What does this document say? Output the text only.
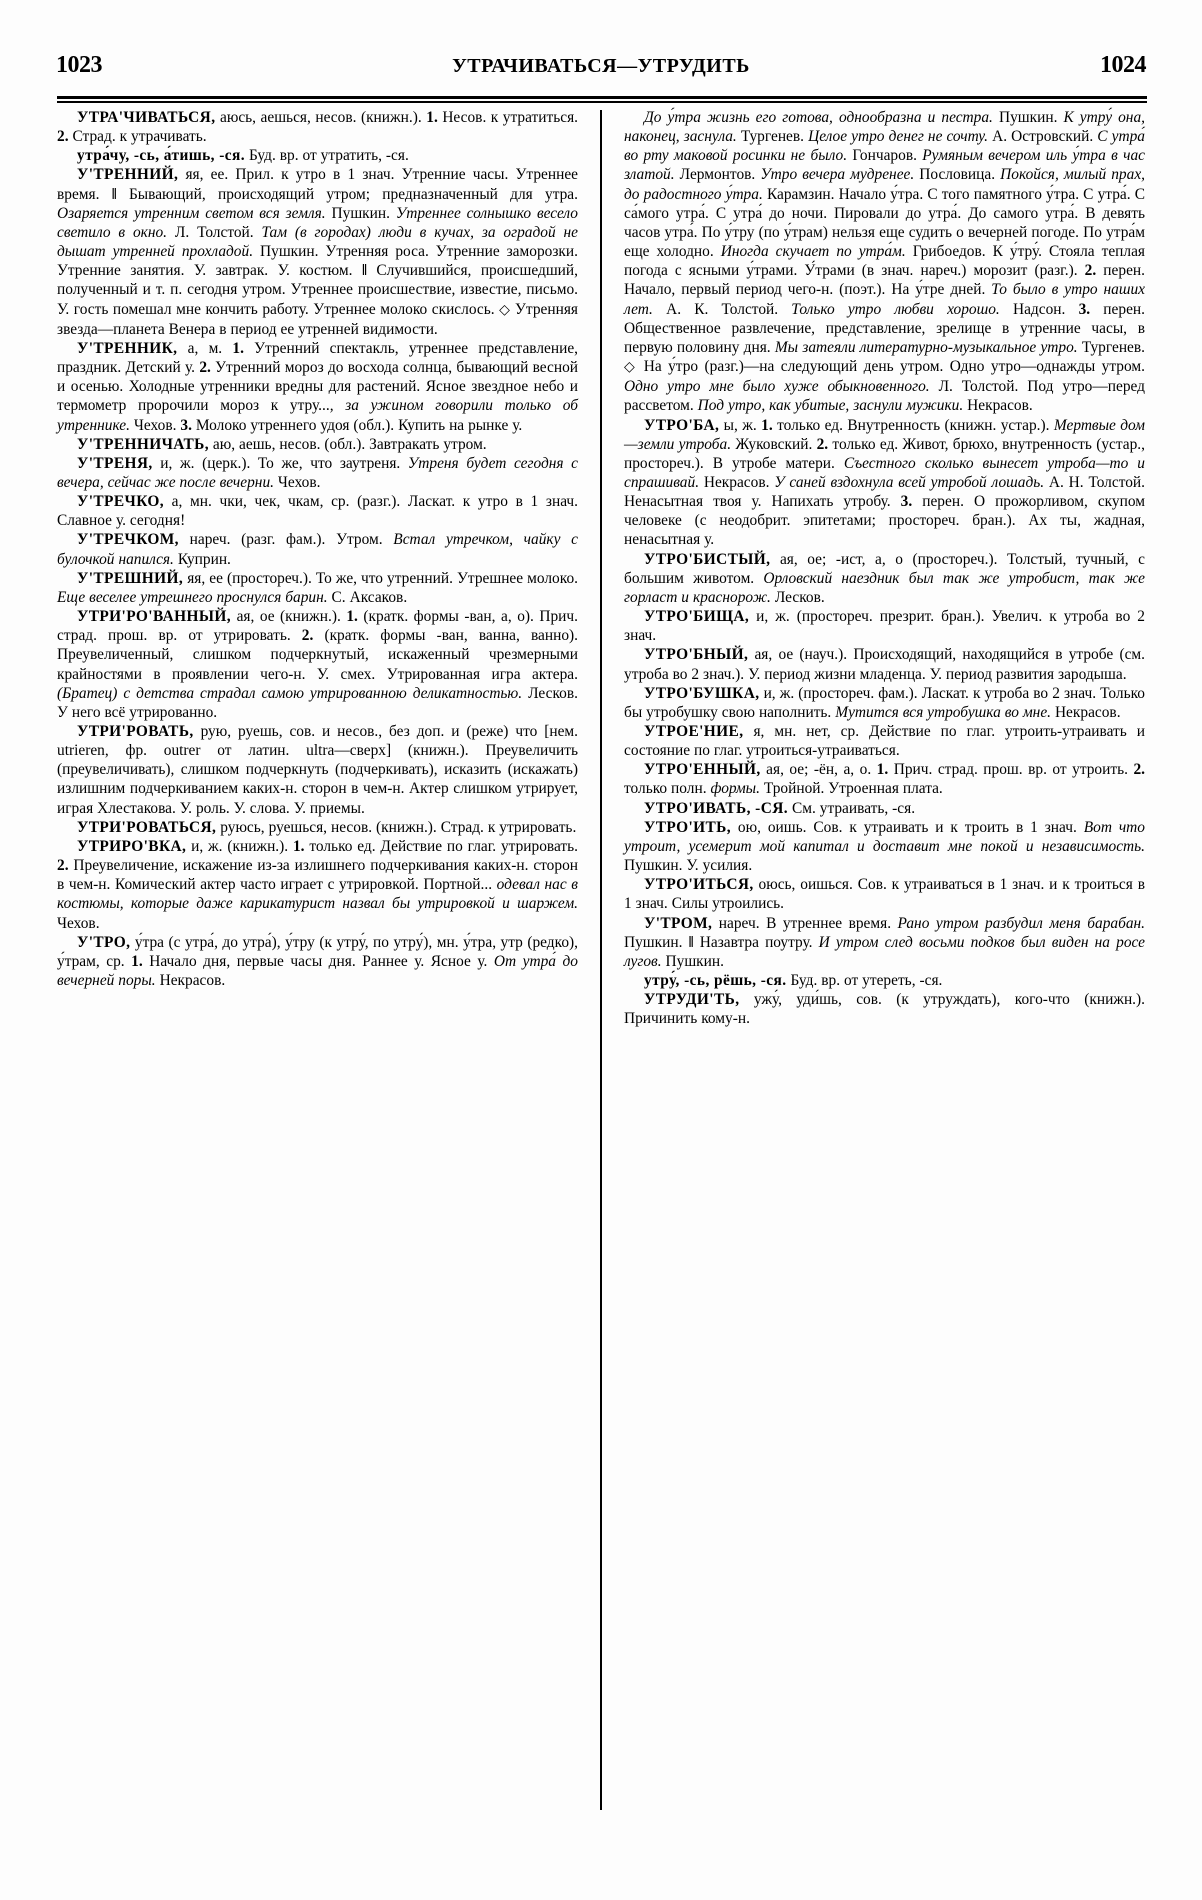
1023	УТРАЧИВАТЬСЯ—УТРУДИТЬ	1024

УТРА'ЧИВАТЬСЯ, аюсь, аешься, несов. (книжн.). 1. Несов. к утратиться. 2. Страд. к утрачивать.

утра́чу, -сь, а́тишь, -ся. Буд. вр. от утратить, -ся.

У'ТРЕННИЙ, яя, ее. Прил. к утро в 1 знач. Утренние часы. Утреннее время. ‖ Бывающий, происходящий утром; предназначенный для утра. Озаряется утренним светом вся земля. Пушкин. Утреннее солнышко весело светило в окно. Л. Толстой. Там (в городах) люди в кучах, за оградой не дышат утренней прохладой. Пушкин. Утренняя роса. Утренние заморозки. Утренние занятия. У. завтрак. У. костюм. ‖ Случившийся, происшедший, полученный и т. п. сегодня утром. Утреннее происшествие, известие, письмо. У. гость помешал мне кончить работу. Утреннее молоко скислось. ◇ Утренняя звезда—планета Венера в период ее утренней видимости.

У'ТРЕННИК, а, м. 1. Утренний спектакль, утреннее представление, праздник. Детский у. 2. Утренний мороз до восхода солнца, бывающий весной и осенью. Холодные утренники вредны для растений. Ясное звездное небо и термометр пророчили мороз к утру..., за ужином говорили только об утреннике. Чехов. 3. Молоко утреннего удоя (обл.). Купить на рынке у.

У'ТРЕННИЧАТЬ, аю, аешь, несов. (обл.). Завтракать утром.

У'ТРЕНЯ, и, ж. (церк.). То же, что заутреня. Утреня будет сегодня с вечера, сейчас же после вечерни. Чехов.

У'ТРЕЧКО, а, мн. чки, чек, чкам, ср. (разг.). Ласкат. к утро в 1 знач. Славное у. сегодня!

У'ТРЕЧКОМ, нареч. (разг. фам.). Утром. Встал утречком, чайку с булочкой напился. Куприн.

У'ТРЕШНИЙ, яя, ее (простореч.). То же, что утренний. Утрешнее молоко. Еще веселее утрешнего проснулся барин. С. Аксаков.

УТРИ'РО'ВАННЫЙ, ая, ое (книжн.). 1. (кратк. формы -ван, а, о). Прич. страд. прош. вр. от утрировать. 2. (кратк. формы -ван, ванна, ванно). Преувеличенный, слишком подчеркнутый, искаженный чрезмерными крайностями в проявлении чего-н. У. смех. Утрированная игра актера. (Братец) с детства страдал самою утрированною деликатностью. Лесков. У него всё утрированно.

УТРИ'РОВАТЬ, рую, руешь, сов. и несов., без доп. и (реже) что [нем. utrieren, фр. outrer от латин. ultra—сверх] (книжн.). Преувеличить (преувеличивать), слишком подчеркнуть (подчеркивать), исказить (искажать) излишним подчеркиванием каких-н. сторон в чем-н. Актер слишком утрирует, играя Хлестакова. У. роль. У. слова. У. приемы.

УТРИ'РОВАТЬСЯ, руюсь, руешься, несов. (книжн.). Страд. к утрировать.

УТРИРО'ВКА, и, ж. (книжн.). 1. только ед. Действие по глаг. утрировать. 2. Преувеличение, искажение из-за излишнего подчеркивания каких-н. сторон в чем-н. Комический актер часто играет с утрировкой. Портной... одевал нас в костюмы, которые даже карикатурист назвал бы утрировкой и шаржем. Чехов.

У'ТРО, у́тра (с утра́, до утра́), у́тру (к утру́, по утру́), мн. у́тра, утр (редко), у́трам, ср. 1. Начало дня, первые часы дня. Раннее у. Ясное у. От утра́ до вечерней поры. Некрасов.

До у́тра жизнь его готова, однообразна и пестра. Пушкин. К утру́ она, наконец, заснула. Тургенев. Целое утро денег не сочту. А. Островский. С утра́ во рту маковой росинки не было. Гончаров. Румяным вечером иль у́тра в час златой. Лермонтов. Утро вечера мудренее. Пословица. Покойся, милый прах, до радостного у́тра. Карамзин. Начало у́тра. С того памятного у́тра. С утра́. С са́мого утра́. С утра́ до ночи. Пировали до утра́. До самого утра́. В девять часов утра́. По у́тру (по у́трам) нельзя еще судить о вечерней погоде. По утра́м еще холодно. Иногда скучает по утра́м. Грибоедов. К у́тру́. Стояла теплая погода с ясными у́трами. У́трами (в знач. нареч.) морозит (разг.). 2. перен. Начало, первый период чего-н. (поэт.). На у́тре дней. То было в утро наших лет. А. К. Толстой. Только утро любви хорошо. Надсон. 3. перен. Общественное развлечение, представление, зрелище в утренние часы, в первую половину дня. Мы затеяли литературно-музыкальное утро. Тургенев. ◇ На у́тро (разг.)—на следующий день утром. Одно утро—однажды утром. Одно утро мне было хуже обыкновенного. Л. Толстой. Под утро—перед рассветом. Под утро, как убитые, заснули мужики. Некрасов.

УТРО'БА, ы, ж. 1. только ед. Внутренность (книжн. устар.). Мертвые дом—земли утроба. Жуковский. 2. только ед. Живот, брюхо, внутренность (устар., простореч.). В утробе матери. Съестного сколько вынесет утроба—то и спрашивай. Некрасов. У саней вздохнула всей утробой лошадь. А. Н. Толстой. Ненасытная твоя у. Напихать утробу. 3. перен. О прожорливом, скупом человеке (с неодобрит. эпитетами; простореч. бран.). Ах ты, жадная, ненасытная у.

УТРО'БИСТЫЙ, ая, ое; -ист, а, о (простореч.). Толстый, тучный, с большим животом. Орловский наездник был так же утробист, так же горласт и краснорож. Лесков.

УТРО'БИЩА, и, ж. (простореч. презрит. бран.). Увелич. к утроба во 2 знач.

УТРО'БНЫЙ, ая, ое (науч.). Происходящий, находящийся в утробе (см. утроба во 2 знач.). У. период жизни младенца. У. период развития зародыша.

УТРО'БУШКА, и, ж. (простореч. фам.). Ласкат. к утроба во 2 знач. Только бы утробушку свою наполнить. Мутится вся утробушка во мне. Некрасов.

УТРОЕ'НИЕ, я, мн. нет, ср. Действие по глаг. утроить-утраивать и состояние по глаг. утроиться-утраиваться.

УТРО'ЕННЫЙ, ая, ое; -ён, а, о. 1. Прич. страд. прош. вр. от утроить. 2. только полн. формы. Тройной. Утроенная плата.

УТРО'ИВАТЬ, -СЯ. См. утраивать, -ся.

УТРО'ИТЬ, ою, оишь. Сов. к утраивать и к троить в 1 знач. Вот что утроит, усемерит мой капитал и доставит мне покой и независимость. Пушкин. У. усилия.

УТРО'ИТЬСЯ, оюсь, оишься. Сов. к утраиваться в 1 знач. и к троиться в 1 знач. Силы утроились.

У'ТРОМ, нареч. В утреннее время. Рано утром разбудил меня барабан. Пушкин. ‖ Назавтра поутру. И утром след восьми подков был виден на росе лугов. Пушкин.

утру́, -сь, рёшь, -ся. Буд. вр. от утереть, -ся.

УТРУДИ'ТЬ, ужу́, уди́шь, сов. (к утруждать), кого-что (книжн.). Причинить кому-н.
